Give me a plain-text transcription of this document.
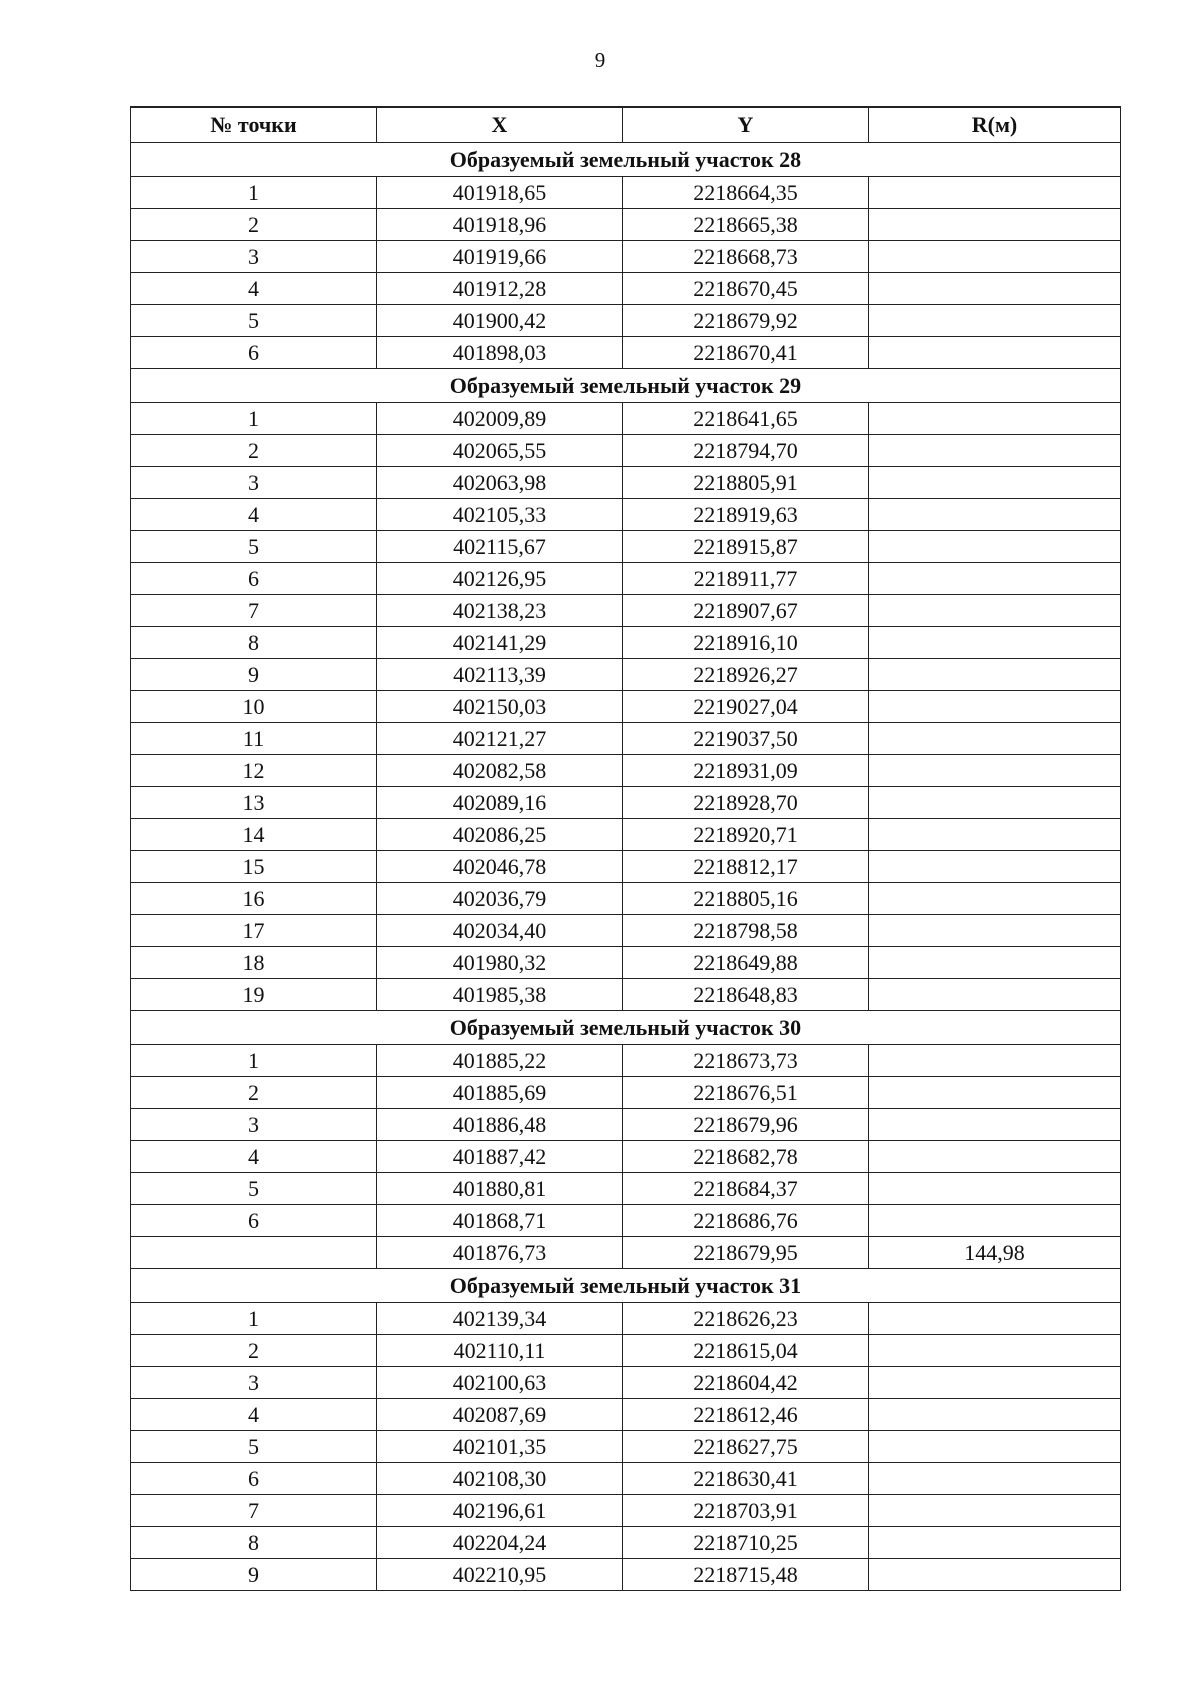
9
№ точки	X	Y	R(м)
Образуемый земельный участок 28			
1	401918,65	2218664,35	
2	401918,96	2218665,38	
3	401919,66	2218668,73	
4	401912,28	2218670,45	
5	401900,42	2218679,92	
6	401898,03	2218670,41	
Образуемый земельный участок 29			
1	402009,89	2218641,65	
2	402065,55	2218794,70	
3	402063,98	2218805,91	
4	402105,33	2218919,63	
5	402115,67	2218915,87	
6	402126,95	2218911,77	
7	402138,23	2218907,67	
8	402141,29	2218916,10	
9	402113,39	2218926,27	
10	402150,03	2219027,04	
11	402121,27	2219037,50	
12	402082,58	2218931,09	
13	402089,16	2218928,70	
14	402086,25	2218920,71	
15	402046,78	2218812,17	
16	402036,79	2218805,16	
17	402034,40	2218798,58	
18	401980,32	2218649,88	
19	401985,38	2218648,83	
Образуемый земельный участок 30			
1	401885,22	2218673,73	
2	401885,69	2218676,51	
3	401886,48	2218679,96	
4	401887,42	2218682,78	
5	401880,81	2218684,37	
6	401868,71	2218686,76	
	401876,73	2218679,95	144,98
Образуемый земельный участок 31			
1	402139,34	2218626,23	
2	402110,11	2218615,04	
3	402100,63	2218604,42	
4	402087,69	2218612,46	
5	402101,35	2218627,75	
6	402108,30	2218630,41	
7	402196,61	2218703,91	
8	402204,24	2218710,25	
9	402210,95	2218715,48	
